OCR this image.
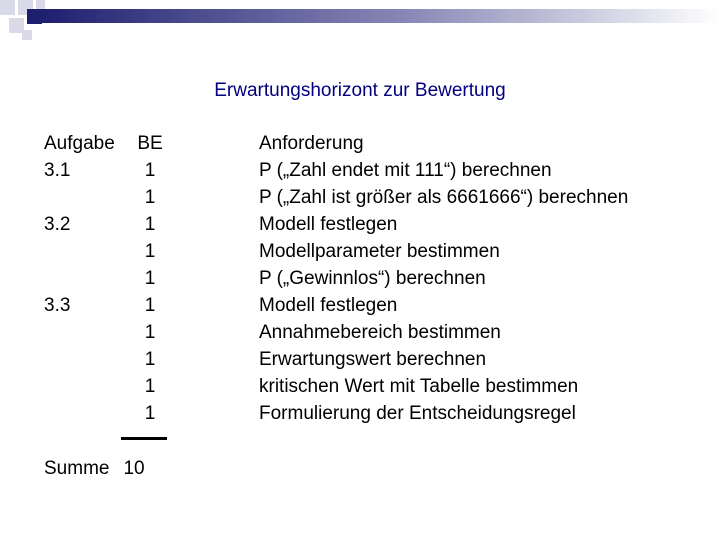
Erwartungshorizont zur Bewertung
Aufgabe
3.1
3.2
3.3
BE
1
1
1
1
1
1
1
1
1
1
Anforderung
P („Zahl endet mit 111“) berechnen
P („Zahl ist größer als 6661666“) berechnen
Modell festlegen
Modellparameter bestimmen
P („Gewinnlos“) berechnen
Modell festlegen
Annahmebereich bestimmen
Erwartungswert berechnen
kritischen Wert mit Tabelle bestimmen
Formulierung der Entscheidungsregel
Summe 10
